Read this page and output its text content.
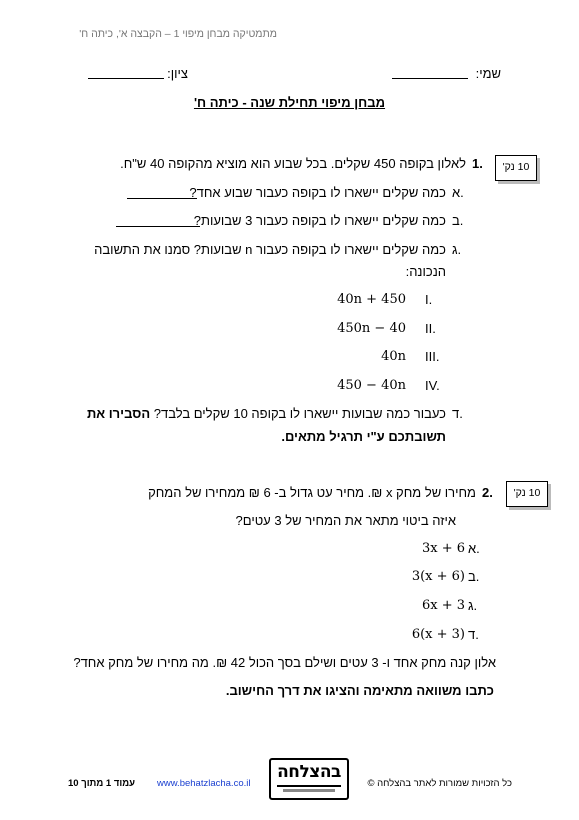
מתמטיקה מבחן מיפוי 1 – הקבצה א', כיתה ח'
שמי:
ציון:
מבחן מיפוי תחילת שנה - כיתה ח'
10 נק'
1.
לאלון בקופה 450 שקלים. בכל שבוע הוא מוציא מהקופה 40 ש"ח.
א.
כמה שקלים יישארו לו בקופה כעבור שבוע אחד?
ב.
כמה שקלים יישארו לו בקופה כעבור 3 שבועות?
ג.
כמה שקלים יישארו לו בקופה כעבור n שבועות? סמנו את התשובה
הנכונה:
I.
40n + 450
II.
450n − 40
III.
40n
IV.
450 − 40n
ד.
כעבור כמה שבועות יישארו לו בקופה 10 שקלים בלבד? הסבירו את
תשובתכם ע"י תרגיל מתאים.
10 נק'
2.
מחירו של מחק x ₪. מחיר עט גדול ב- 6 ₪ ממחירו של המחק
איזה ביטוי מתאר את המחיר של 3 עטים?
א.
3x + 6
ב.
3(x + 6)
ג.
6x + 3
ד.
6(x + 3)
אלון קנה מחק אחד ו- 3 עטים ושילם בסך הכול 42 ₪. מה מחירו של מחק אחד?
כתבו משוואה מתאימה והציגו את דרך החישוב.
כל הזכויות שמורות לאתר בהצלחה ©
בהצלחה
www.behatzlacha.co.il
עמוד 1 מתוך 10
